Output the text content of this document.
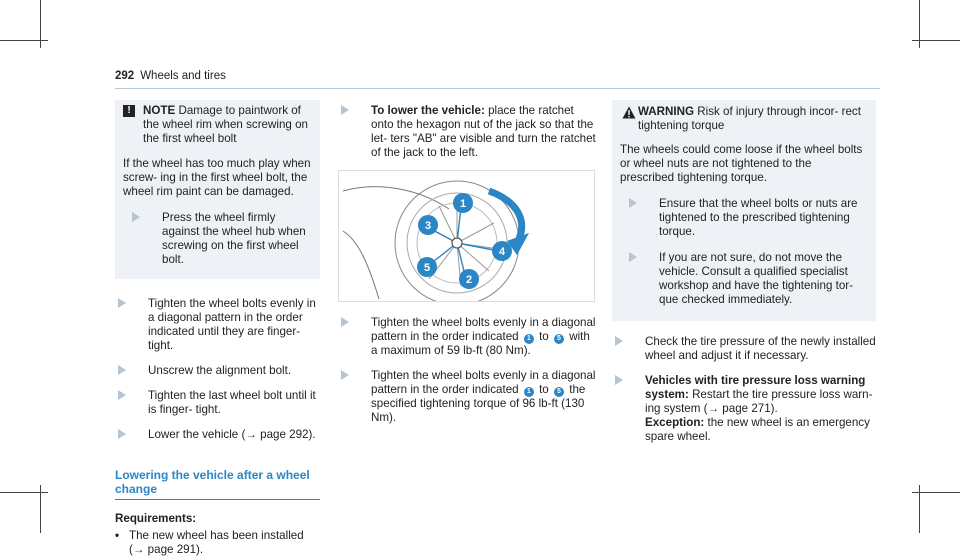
292 Wheels and tires
!	NOTE Damage to paintwork of the wheel rim when screwing on the first wheel bolt

If the wheel has too much play when screw- ing in the first wheel bolt, the wheel rim paint can be damaged.

Press the wheel firmly against the wheel hub when screwing on the first wheel bolt.

Tighten the wheel bolts evenly in a diagonal pattern in the order indicated until they are finger-tight.

Unscrew the alignment bolt.

Tighten the last wheel bolt until it is finger- tight.

Lower the vehicle (→ page 292).

Lowering the vehicle after a wheel change

Requirements:

• The new wheel has been installed (→ page 291).

To lower the vehicle: place the ratchet onto the hexagon nut of the jack so that the let- ters "AB" are visible and turn the ratchet of the jack to the left.

1
2
3
4
5

Tighten the wheel bolts evenly in a diagonal pattern in the order indicated 1 to 5 with a maximum of 59 lb-ft (80 Nm).

Tighten the wheel bolts evenly in a diagonal pattern in the order indicated 1 to 5 the specified tightening torque of 96 lb-ft (130 Nm).

WARNING Risk of injury through incor- rect tightening torque

The wheels could come loose if the wheel bolts or wheel nuts are not tightened to the prescribed tightening torque.

Ensure that the wheel bolts or nuts are tightened to the prescribed tightening torque.

If you are not sure, do not move the vehicle. Consult a qualified specialist workshop and have the tightening tor- que checked immediately.

Check the tire pressure of the newly installed wheel and adjust it if necessary.

Vehicles with tire pressure loss warning system: Restart the tire pressure loss warn- ing system (→ page 271).
Exception: the new wheel is an emergency spare wheel.
